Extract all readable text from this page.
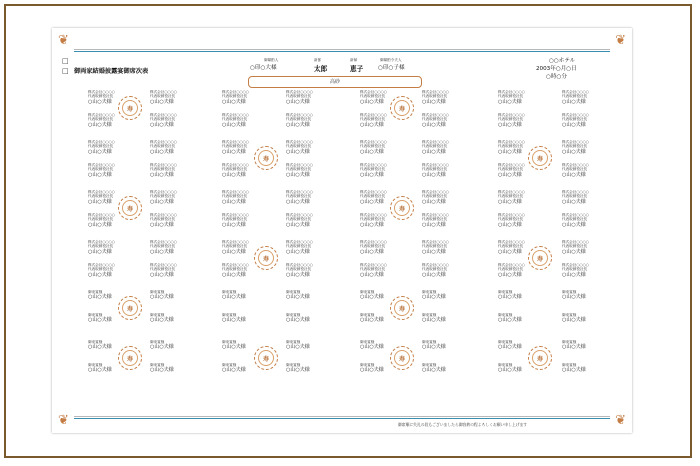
❦	❦
❦	❦
□
□ 御両家結婚披露宴御席次表
御媒酌人
○印○大様
新郎
太郎
新婦
恵子
御媒酌令夫人
○印○子様
○○ホテル
2003年○月○日
○時○分
高砂
株式会社○○○○
代表取締役社長
○山○夫様
株式会社○○○○
代表取締役社長
○山○夫様
株式会社○○○○
代表取締役社長
○山○夫様
株式会社○○○○
代表取締役社長
○山○夫様
株式会社○○○○
代表取締役社長
○山○夫様
株式会社○○○○
代表取締役社長
○山○夫様
株式会社○○○○
代表取締役社長
○山○夫様
株式会社○○○○
代表取締役社長
○山○夫様
株式会社○○○○
代表取締役社長
○山○夫様
株式会社○○○○
代表取締役社長
○山○夫様
株式会社○○○○
代表取締役社長
○山○夫様
株式会社○○○○
代表取締役社長
○山○夫様
株式会社○○○○
代表取締役社長
○山○夫様
株式会社○○○○
代表取締役社長
○山○夫様
株式会社○○○○
代表取締役社長
○山○夫様
株式会社○○○○
代表取締役社長
○山○夫様
株式会社○○○○
代表取締役社長
○山○夫様
株式会社○○○○
代表取締役社長
○山○夫様
株式会社○○○○
代表取締役社長
○山○夫様
株式会社○○○○
代表取締役社長
○山○夫様
株式会社○○○○
代表取締役社長
○山○夫様
株式会社○○○○
代表取締役社長
○山○夫様
株式会社○○○○
代表取締役社長
○山○夫様
株式会社○○○○
代表取締役社長
○山○夫様
株式会社○○○○
代表取締役社長
○山○夫様
株式会社○○○○
代表取締役社長
○山○夫様
株式会社○○○○
代表取締役社長
○山○夫様
株式会社○○○○
代表取締役社長
○山○夫様
株式会社○○○○
代表取締役社長
○山○夫様
株式会社○○○○
代表取締役社長
○山○夫様
株式会社○○○○
代表取締役社長
○山○夫様
株式会社○○○○
代表取締役社長
○山○夫様
株式会社○○○○
代表取締役社長
○山○夫様
株式会社○○○○
代表取締役社長
○山○夫様
株式会社○○○○
代表取締役社長
○山○夫様
株式会社○○○○
代表取締役社長
○山○夫様
株式会社○○○○
代表取締役社長
○山○夫様
株式会社○○○○
代表取締役社長
○山○夫様
株式会社○○○○
代表取締役社長
○山○夫様
株式会社○○○○
代表取締役社長
○山○夫様
株式会社○○○○
代表取締役社長
○山○夫様
株式会社○○○○
代表取締役社長
○山○夫様
株式会社○○○○
代表取締役社長
○山○夫様
株式会社○○○○
代表取締役社長
○山○夫様
株式会社○○○○
代表取締役社長
○山○夫様
株式会社○○○○
代表取締役社長
○山○夫様
株式会社○○○○
代表取締役社長
○山○夫様
株式会社○○○○
代表取締役社長
○山○夫様
株式会社○○○○
代表取締役社長
○山○夫様
株式会社○○○○
代表取締役社長
○山○夫様
株式会社○○○○
代表取締役社長
○山○夫様
株式会社○○○○
代表取締役社長
○山○夫様
株式会社○○○○
代表取締役社長
○山○夫様
株式会社○○○○
代表取締役社長
○山○夫様
株式会社○○○○
代表取締役社長
○山○夫様
株式会社○○○○
代表取締役社長
○山○夫様
株式会社○○○○
代表取締役社長
○山○夫様
株式会社○○○○
代表取締役社長
○山○夫様
株式会社○○○○
代表取締役社長
○山○夫様
株式会社○○○○
代表取締役社長
○山○夫様
株式会社○○○○
代表取締役社長
○山○夫様
株式会社○○○○
代表取締役社長
○山○夫様
株式会社○○○○
代表取締役社長
○山○夫様
株式会社○○○○
代表取締役社長
○山○夫様
御来賓様
○山○夫様
御来賓様
○山○夫様
御来賓様
○山○夫様
御来賓様
○山○夫様
御来賓様
○山○夫様
御来賓様
○山○夫様
御来賓様
○山○夫様
御来賓様
○山○夫様
御来賓様
○山○夫様
御来賓様
○山○夫様
御来賓様
○山○夫様
御来賓様
○山○夫様
御来賓様
○山○夫様
御来賓様
○山○夫様
御来賓様
○山○夫様
御来賓様
○山○夫様
御来賓様
○山○夫様
御来賓様
○山○夫様
御来賓様
○山○夫様
御来賓様
○山○夫様
御来賓様
○山○夫様
御来賓様
○山○夫様
御来賓様
○山○夫様
御来賓様
○山○夫様
御来賓様
○山○夫様
御来賓様
○山○夫様
御来賓様
○山○夫様
御来賓様
○山○夫様
御来賓様
○山○夫様
御来賓様
○山○夫様
御来賓様
○山○夫様
御来賓様
○山○夫様
寿	寿
寿	寿
寿	寿
寿	寿
寿	寿
寿	寿	寿	寿
御席順に失礼の段もございましたら御容赦の程よろしくお願い申し上げます
